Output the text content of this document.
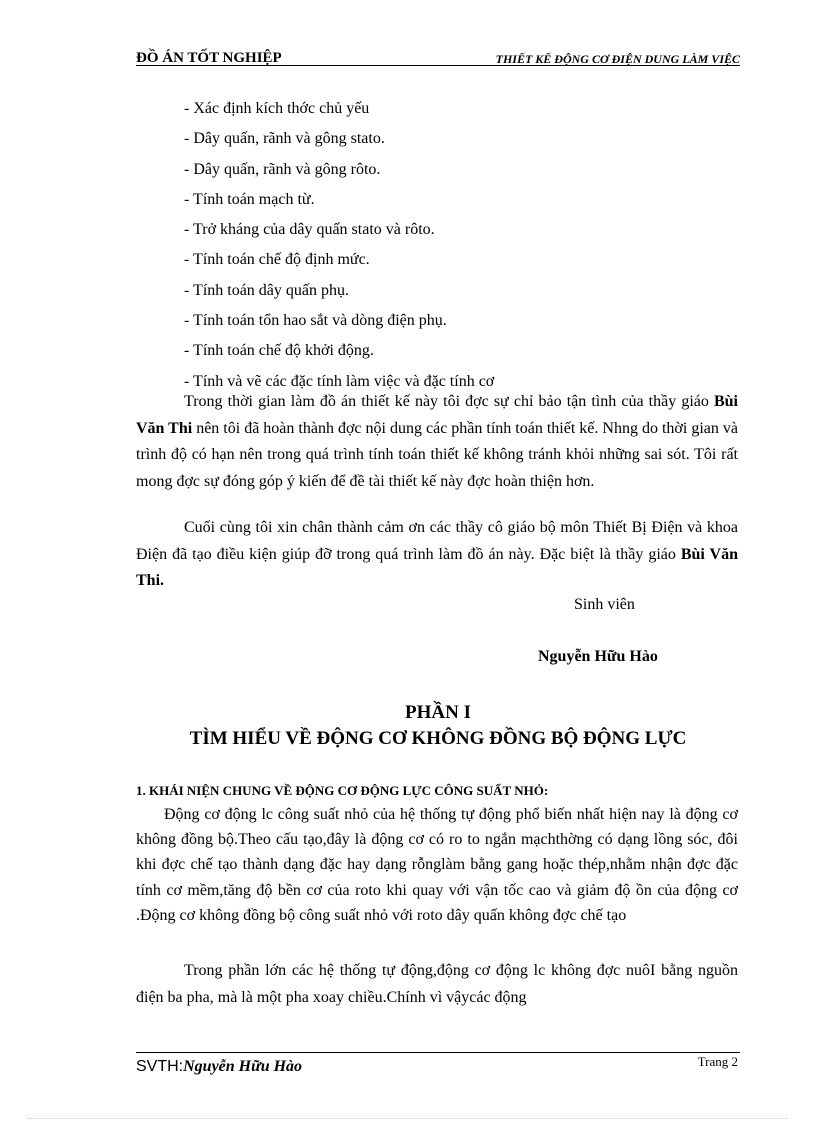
ĐỒ ÁN TỐT NGHIỆP	THIẾT KẾ ĐỘNG CƠ ĐIỆN DUNG LÀM VIỆC
- Xác định kích thớc chủ yếu
- Dây quấn, rãnh và gông stato.
- Dây quấn, rãnh và gông rôto.
- Tính toán mạch từ.
- Trở kháng của dây quấn stato và rôto.
- Tính toán chế độ định mức.
- Tính toán dây quấn phụ.
- Tính toán tổn hao sắt và dòng điện phụ.
- Tính toán chế độ khởi động.
- Tính và vẽ các đặc tính làm việc và đặc tính cơ

Trong thời gian làm đồ án thiết kế này tôi đợc sự chỉ bảo tận tình của thầy giáo Bùi Văn Thi nên tôi đã hoàn thành đợc nội dung các phần tính toán thiết kế. Nhng do thời gian và trình độ có hạn nên trong quá trình tính toán thiết kế không tránh khỏi những sai sót. Tôi rất mong đợc sự đóng góp ý kiến để đề tài thiết kế này đợc hoàn thiện hơn.

Cuối cùng tôi xin chân thành cảm ơn các thầy cô giáo bộ môn Thiết Bị Điện và khoa Điện đã tạo điều kiện giúp đỡ trong quá trình làm đồ án này. Đặc biệt là thầy giáo Bùi Văn Thi.

Sinh viên

Nguyễn Hữu Hào

PHẦN I

TÌM HIỂU VỀ ĐỘNG CƠ KHÔNG ĐỒNG BỘ ĐỘNG LỰC

1. KHÁI NIỆN CHUNG VỀ ĐỘNG CƠ ĐỘNG LỰC CÔNG SUẤT NHỎ:

Động cơ động lc công suất nhỏ của hệ thống tự động phổ biến nhất hiện nay là động cơ không đồng bộ.Theo cấu tạo,đây là động cơ có ro to ngắn mạchthờng có dạng lồng sóc, đôi khi đợc chế tạo thành dạng đặc hay dạng rỗnglàm bằng gang hoặc thép,nhằm nhận đợc đặc tính cơ mềm,tăng độ bền cơ của roto khi quay với vận tốc cao và giảm độ ồn của động cơ .Động cơ không đồng bộ công suất nhỏ với roto dây quấn không đợc chế tạo

Trong phần lớn các hệ thống tự động,động cơ động lc không đợc nuôI bằng nguồn điện ba pha, mà là một pha xoay chiều.Chính vì vậycác động

SVTH:Nguyễn Hữu Hào	Trang 2
